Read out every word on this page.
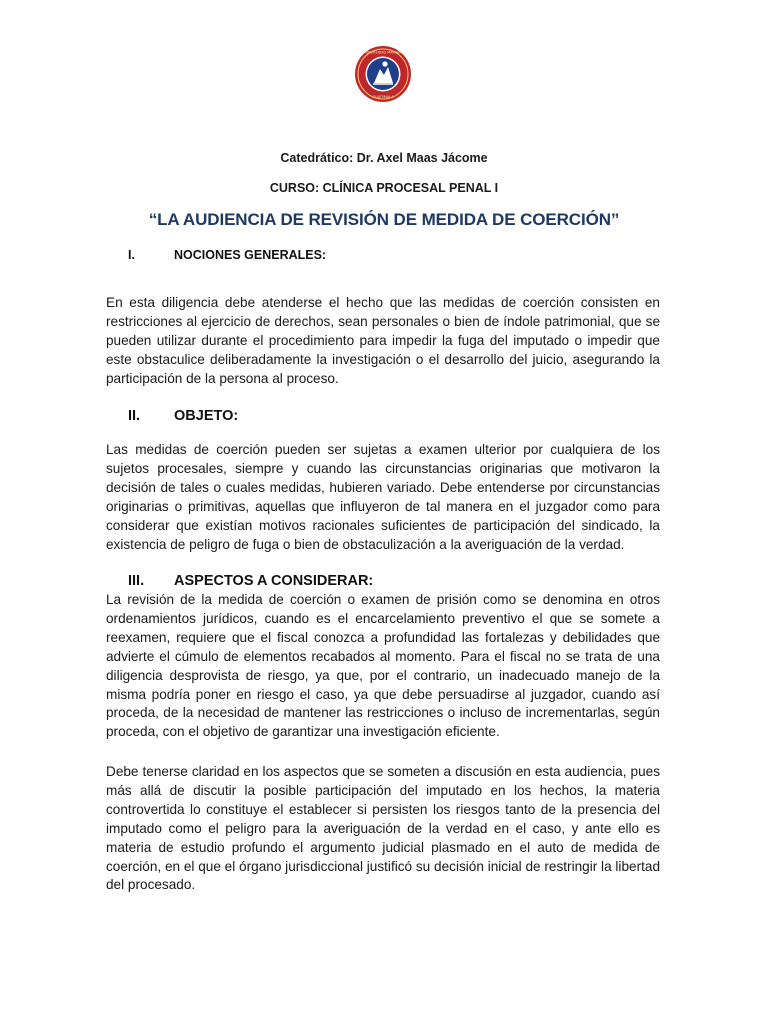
UNIVERSIDAD MARIANO
GUATEMALA
Catedrático: Dr. Axel Maas Jácome
CURSO: CLÍNICA PROCESAL PENAL I
“LA AUDIENCIA DE REVISIÓN DE MEDIDA DE COERCIÓN”
I.	NOCIONES GENERALES:

En esta diligencia debe atenderse el hecho que las medidas de coerción consisten en restricciones al ejercicio de derechos, sean personales o bien de índole patrimonial, que se pueden utilizar durante el procedimiento para impedir la fuga del imputado o impedir que este obstaculice deliberadamente la investigación o el desarrollo del juicio, asegurando la participación de la persona al proceso.

II. OBJETO:

Las medidas de coerción pueden ser sujetas a examen ulterior por cualquiera de los sujetos procesales, siempre y cuando las circunstancias originarias que motivaron la decisión de tales o cuales medidas, hubieren variado. Debe entenderse por circunstancias originarias o primitivas, aquellas que influyeron de tal manera en el juzgador como para considerar que existían motivos racionales suficientes de participación del sindicado, la existencia de peligro de fuga o bien de obstaculización a la averiguación de la verdad.

III. ASPECTOS A CONSIDERAR:

La revisión de la medida de coerción o examen de prisión como se denomina en otros ordenamientos jurídicos, cuando es el encarcelamiento preventivo el que se somete a reexamen, requiere que el fiscal conozca a profundidad las fortalezas y debilidades que advierte el cúmulo de elementos recabados al momento. Para el fiscal no se trata de una diligencia desprovista de riesgo, ya que, por el contrario, un inadecuado manejo de la misma podría poner en riesgo el caso, ya que debe persuadirse al juzgador, cuando así proceda, de la necesidad de mantener las restricciones o incluso de incrementarlas, según proceda, con el objetivo de garantizar una investigación eficiente.

Debe tenerse claridad en los aspectos que se someten a discusión en esta audiencia, pues más allá de discutir la posible participación del imputado en los hechos, la materia controvertida lo constituye el establecer si persisten los riesgos tanto de la presencia del imputado como el peligro para la averiguación de la verdad en el caso, y ante ello es materia de estudio profundo el argumento judicial plasmado en el auto de medida de coerción, en el que el órgano jurisdiccional justificó su decisión inicial de restringir la libertad del procesado.
